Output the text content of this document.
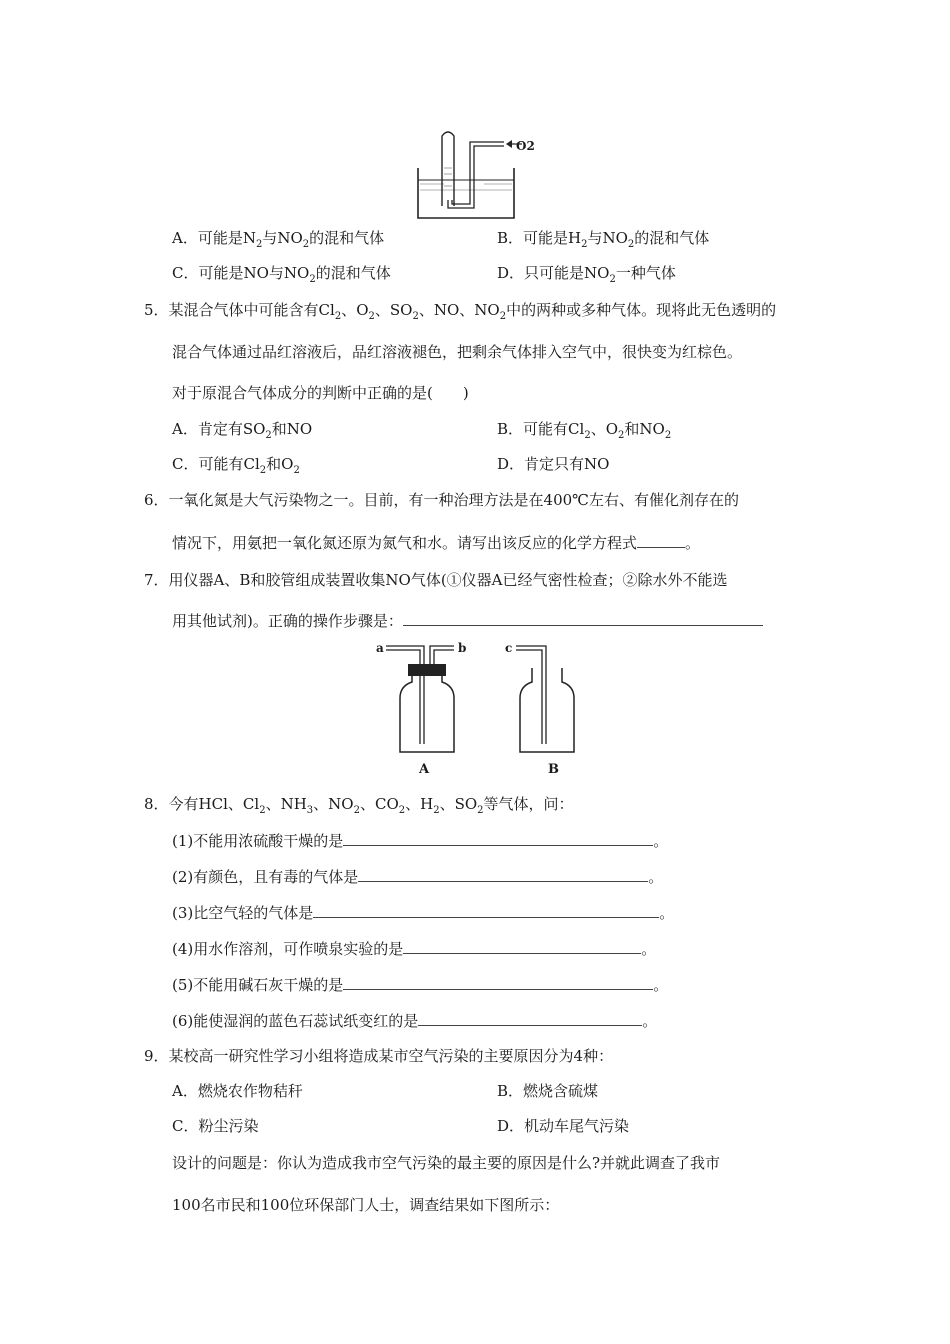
O2
A．可能是$N_2$与$NO_2$的混和气体	B．可能是$H_2$与$NO_2$的混和气体
C．可能是NO与$NO_2$的混和气体	D．只可能是$NO_2$一种气体
5．某混合气体中可能含有$Cl_2$、$O_2$、$SO_2$、NO、$NO_2$中的两种或多种气体。现将此无色透明的
混合气体通过品红溶液后，品红溶液褪色，把剩余气体排入空气中，很快变为红棕色。
对于原混合气体成分的判断中正确的是(　　)
A．肯定有$SO_2$和NO	B．可能有$Cl_2$、$O_2$和$NO_2$
C．可能有$Cl_2$和$O_2$	D．肯定只有NO
6．一氧化氮是大气污染物之一。目前，有一种治理方法是在400℃左右、有催化剂存在的
情况下，用氨把一氧化氮还原为氮气和水。请写出该反应的化学方程式	。
7．用仪器A、B和胶管组成装置收集NO气体(①仪器A已经气密性检查；②除水外不能选
用其他试剂)。正确的操作步骤是：
a	b	c
A	B
8．今有HCl、$Cl_2$、$NH_3$、$NO_2$、$CO_2$、$H_2$、$SO_2$等气体，问：
(1)不能用浓硫酸干燥的是	。
(2)有颜色，且有毒的气体是	。
(3)比空气轻的气体是	。
(4)用水作溶剂，可作喷泉实验的是	。
(5)不能用碱石灰干燥的是	。
(6)能使湿润的蓝色石蕊试纸变红的是	。
9．某校高一研究性学习小组将造成某市空气污染的主要原因分为4种：
A．燃烧农作物秸秆	B．燃烧含硫煤
C．粉尘污染	D．机动车尾气污染
设计的问题是：你认为造成我市空气污染的最主要的原因是什么?并就此调查了我市
100名市民和100位环保部门人士，调查结果如下图所示：
